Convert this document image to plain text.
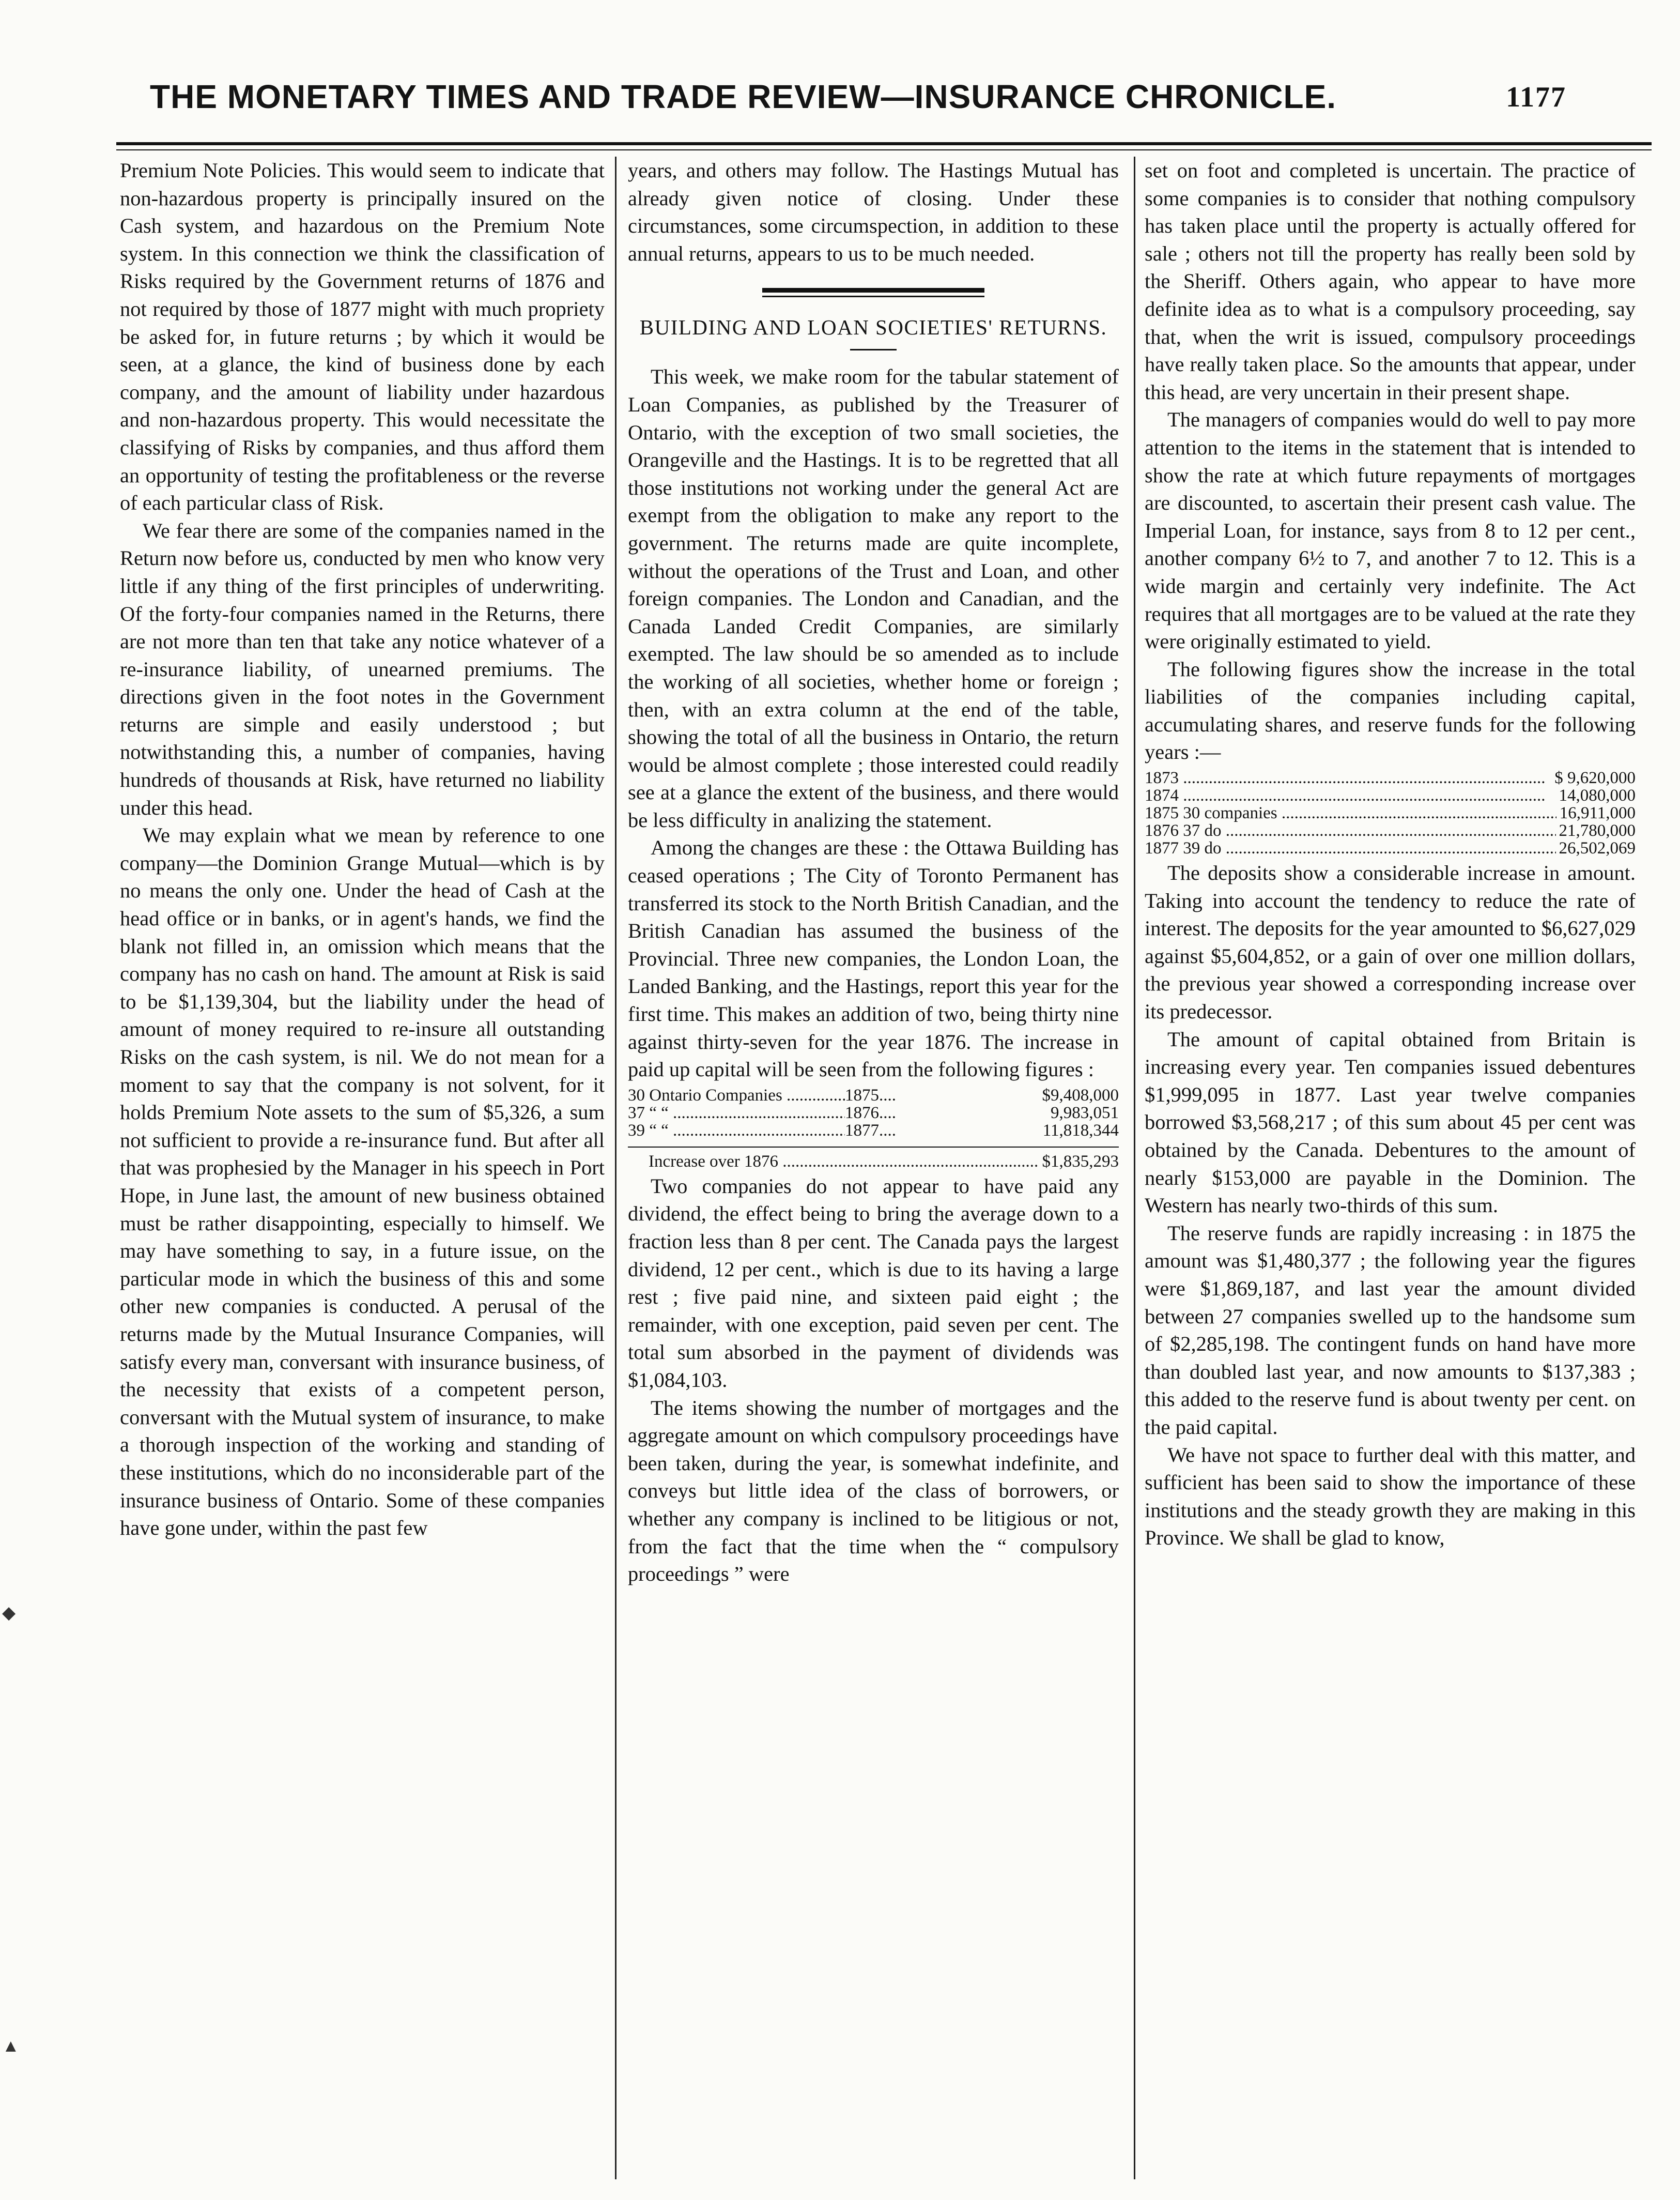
THE MONETARY TIMES AND TRADE REVIEW—INSURANCE CHRONICLE.	1177

Premium Note Policies. This would seem to indicate that non-hazardous property is principally insured on the Cash system, and hazardous on the Premium Note system. In this connection we think the classification of Risks required by the Government returns of 1876 and not required by those of 1877 might with much propriety be asked for, in future returns ; by which it would be seen, at a glance, the kind of business done by each company, and the amount of liability under hazardous and non-hazardous property. This would necessitate the classifying of Risks by companies, and thus afford them an opportunity of testing the profitableness or the reverse of each particular class of Risk.

We fear there are some of the companies named in the Return now before us, conducted by men who know very little if any thing of the first principles of underwriting. Of the forty-four companies named in the Returns, there are not more than ten that take any notice whatever of a re-insurance liability, of unearned premiums. The directions given in the foot notes in the Government returns are simple and easily understood ; but notwithstanding this, a number of companies, having hundreds of thousands at Risk, have returned no liability under this head.

We may explain what we mean by reference to one company—the Dominion Grange Mutual—which is by no means the only one. Under the head of Cash at the head office or in banks, or in agent's hands, we find the blank not filled in, an omission which means that the company has no cash on hand. The amount at Risk is said to be $1,139,304, but the liability under the head of amount of money required to re-insure all outstanding Risks on the cash system, is nil. We do not mean for a moment to say that the company is not solvent, for it holds Premium Note assets to the sum of $5,326, a sum not sufficient to provide a re-insurance fund. But after all that was prophesied by the Manager in his speech in Port Hope, in June last, the amount of new business obtained must be rather disappointing, especially to himself. We may have something to say, in a future issue, on the particular mode in which the business of this and some other new companies is conducted. A perusal of the returns made by the Mutual Insurance Companies, will satisfy every man, conversant with insurance business, of the necessity that exists of a competent person, conversant with the Mutual system of insurance, to make a thorough inspection of the working and standing of these institutions, which do no inconsiderable part of the insurance business of Ontario. Some of these companies have gone under, within the past few

years, and others may follow. The Hastings Mutual has already given notice of closing. Under these circumstances, some circumspection, in addition to these annual returns, appears to us to be much needed.

BUILDING AND LOAN SOCIETIES' RETURNS.

This week, we make room for the tabular statement of Loan Companies, as published by the Treasurer of Ontario, with the exception of two small societies, the Orangeville and the Hastings. It is to be regretted that all those institutions not working under the general Act are exempt from the obligation to make any report to the government. The returns made are quite incomplete, without the operations of the Trust and Loan, and other foreign companies. The London and Canadian, and the Canada Landed Credit Companies, are similarly exempted. The law should be so amended as to include the working of all societies, whether home or foreign ; then, with an extra column at the end of the table, showing the total of all the business in Ontario, the return would be almost complete ; those interested could readily see at a glance the extent of the business, and there would be less difficulty in analizing the statement.

Among the changes are these : the Ottawa Building has ceased operations ; The City of Toronto Permanent has transferred its stock to the North British Canadian, and the British Canadian has assumed the business of the Provincial. Three new companies, the London Loan, the Landed Banking, and the Hastings, report this year for the first time. This makes an addition of two, being thirty nine against thirty-seven for the year 1876. The increase in paid up capital will be seen from the following figures :

30 Ontario Companies .....	1875 ....	$9,408,000
37 “ “ .....	1876 ....	9,983,051
39 “ “ .....	1877 ....	11,818,344
Increase over 1876 .....	$1,835,293

Two companies do not appear to have paid any dividend, the effect being to bring the average down to a fraction less than 8 per cent. The Canada pays the largest dividend, 12 per cent., which is due to its having a large rest ; five paid nine, and sixteen paid eight ; the remainder, with one exception, paid seven per cent. The total sum absorbed in the payment of dividends was $1,084,103.

The items showing the number of mortgages and the aggregate amount on which compulsory proceedings have been taken, during the year, is somewhat indefinite, and conveys but little idea of the class of borrowers, or whether any company is inclined to be litigious or not, from the fact that the time when the “ compulsory proceedings ” were

set on foot and completed is uncertain. The practice of some companies is to consider that nothing compulsory has taken place until the property is actually offered for sale ; others not till the property has really been sold by the Sheriff. Others again, who appear to have more definite idea as to what is a compulsory proceeding, say that, when the writ is issued, compulsory proceedings have really taken place. So the amounts that appear, under this head, are very uncertain in their present shape.

The managers of companies would do well to pay more attention to the items in the statement that is intended to show the rate at which future repayments of mortgages are discounted, to ascertain their present cash value. The Imperial Loan, for instance, says from 8 to 12 per cent., another company 6½ to 7, and another 7 to 12. This is a wide margin and certainly very indefinite. The Act requires that all mortgages are to be valued at the rate they were originally estimated to yield.

The following figures show the increase in the total liabilities of the companies including capital, accumulating shares, and reserve funds for the following years :—

1873 .....	$ 9,620,000
1874 .....	14,080,000
1875 30 companies .....	16,911,000
1876 37 do .....	21,780,000
1877 39 do .....	26,502,069

The deposits show a considerable increase in amount. Taking into account the tendency to reduce the rate of interest. The deposits for the year amounted to $6,627,029 against $5,604,852, or a gain of over one million dollars, the previous year showed a corresponding increase over its predecessor.

The amount of capital obtained from Britain is increasing every year. Ten companies issued debentures $1,999,095 in 1877. Last year twelve companies borrowed $3,568,217 ; of this sum about 45 per cent was obtained by the Canada. Debentures to the amount of nearly $153,000 are payable in the Dominion. The Western has nearly two-thirds of this sum.

The reserve funds are rapidly increasing : in 1875 the amount was $1,480,377 ; the following year the figures were $1,869,187, and last year the amount divided between 27 companies swelled up to the handsome sum of $2,285,198. The contingent funds on hand have more than doubled last year, and now amounts to $137,383 ; this added to the reserve fund is about twenty per cent. on the paid capital.

We have not space to further deal with this matter, and sufficient has been said to show the importance of these institutions and the steady growth they are making in this Province. We shall be glad to know,

◆
▲
